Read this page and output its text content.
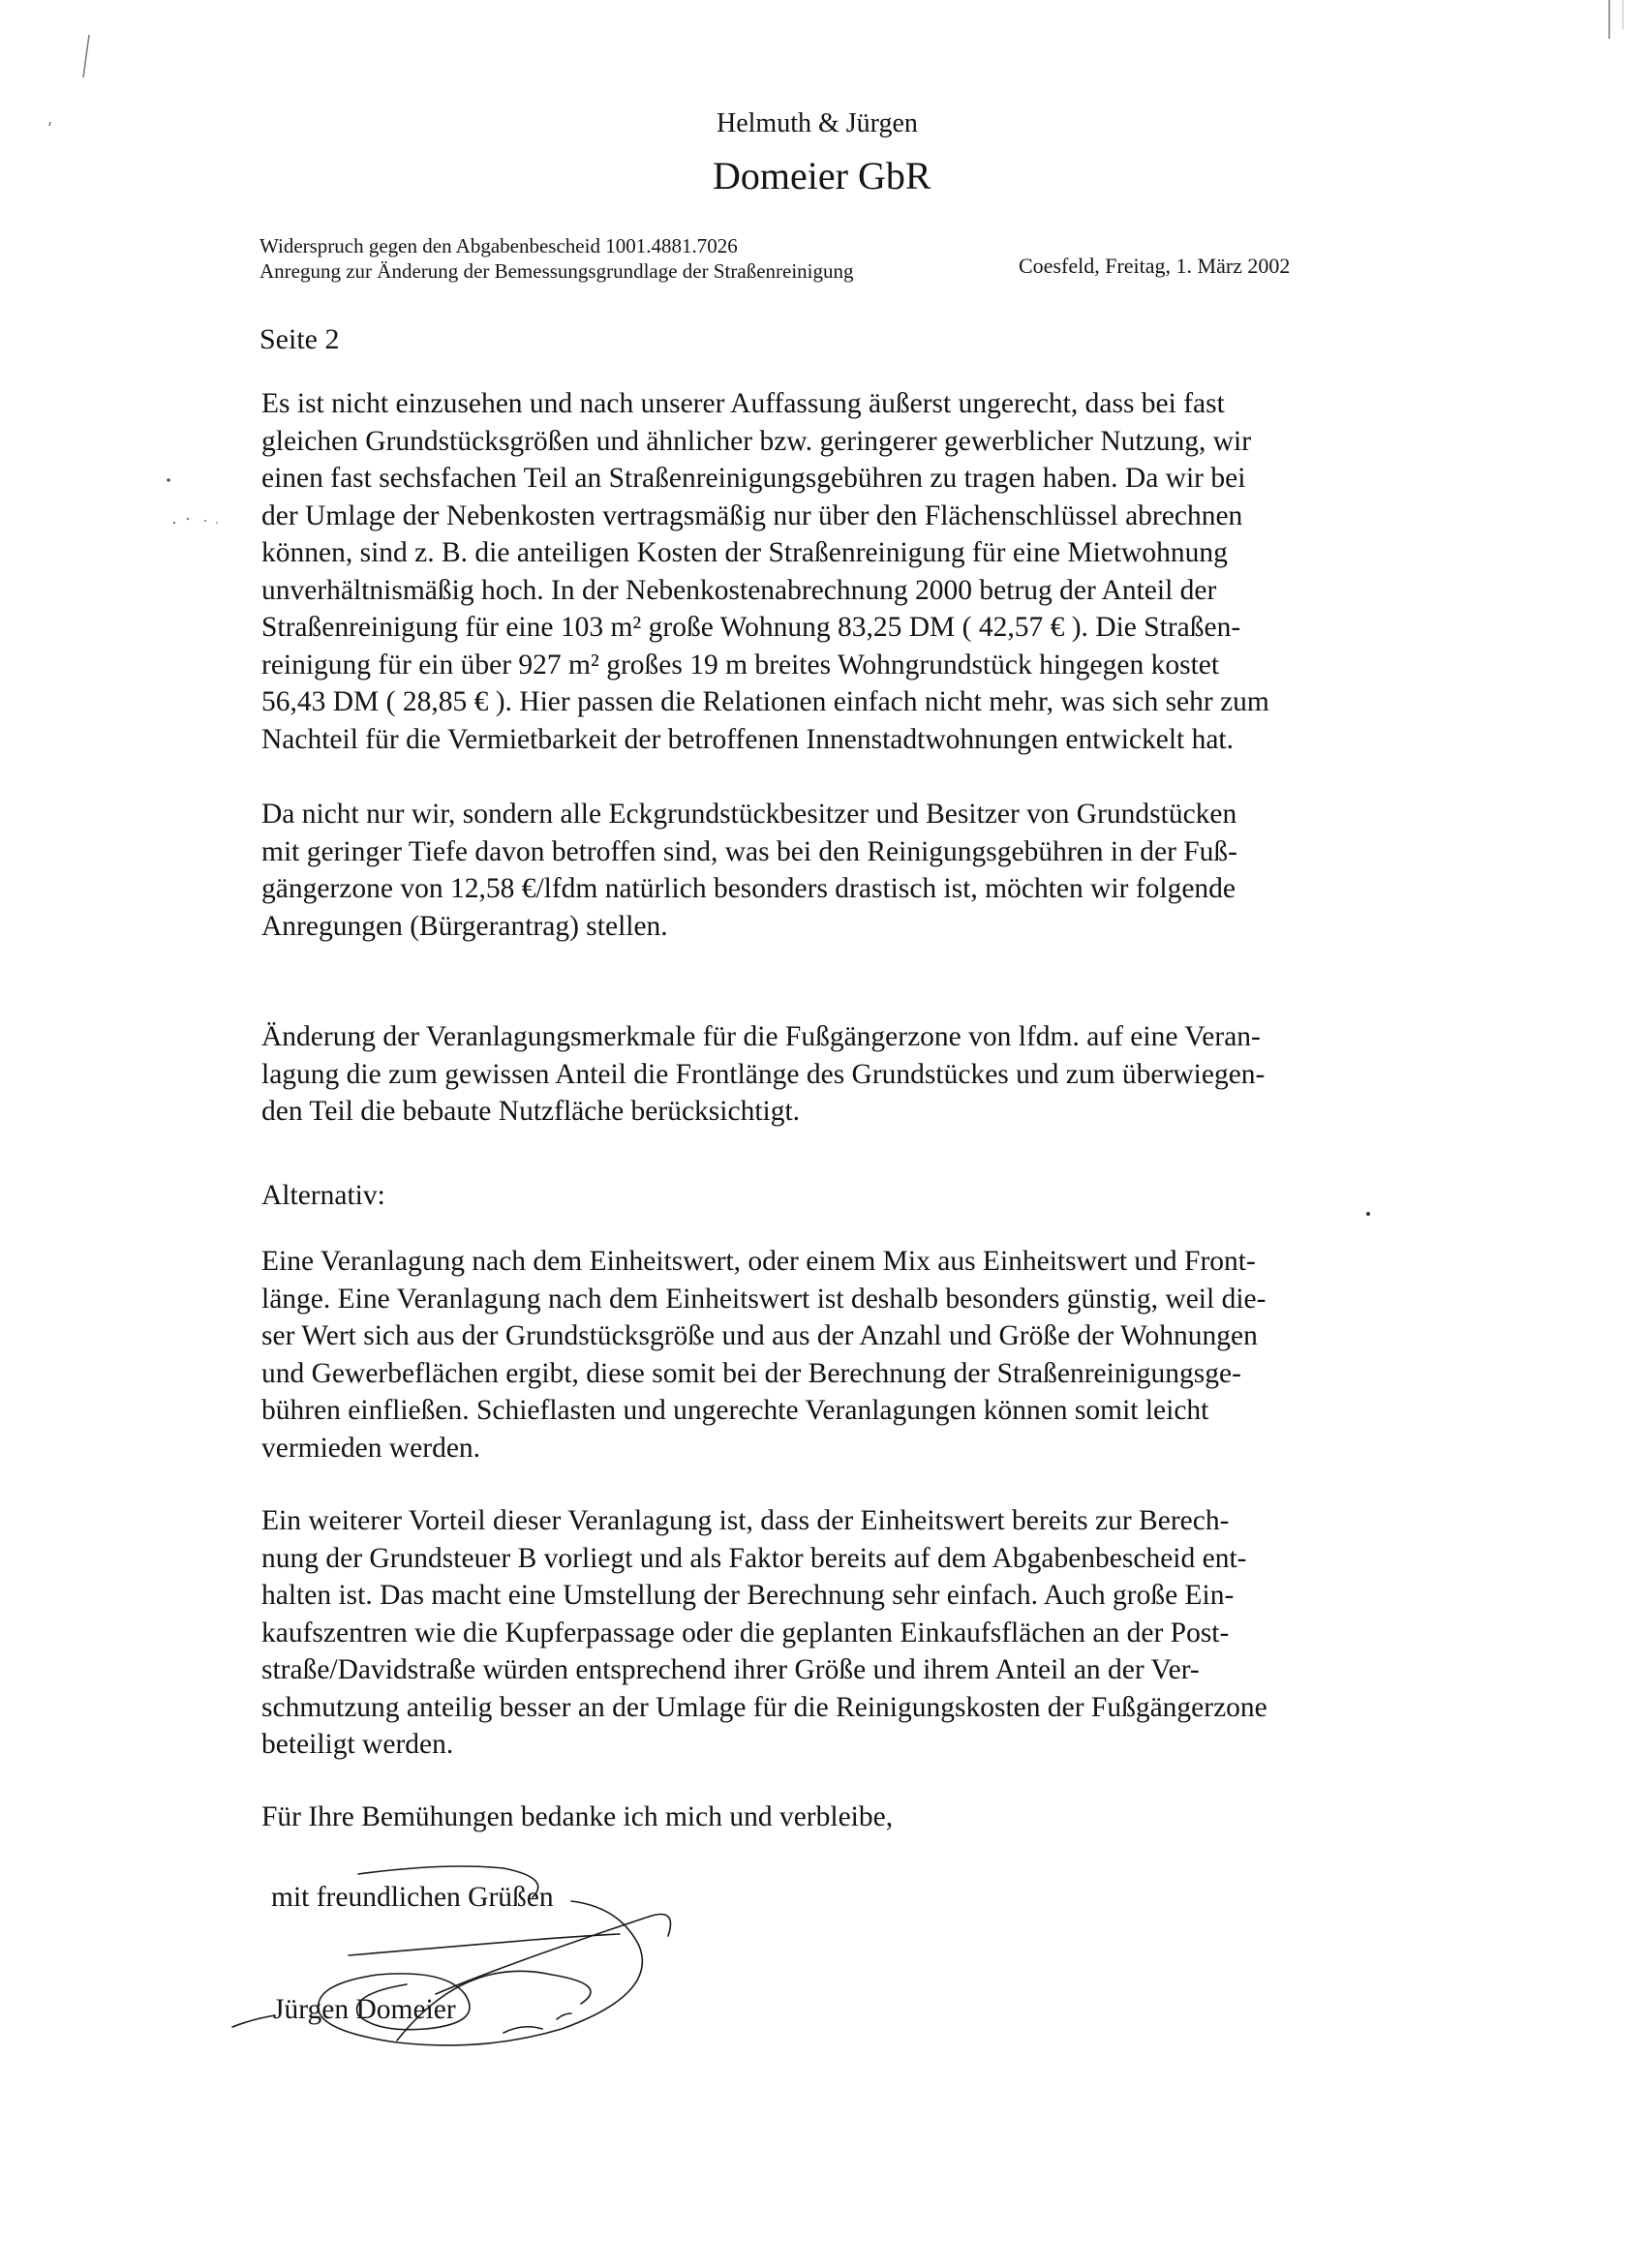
Helmuth & Jürgen
Domeier GbR
Widerspruch gegen den Abgabenbescheid 1001.4881.7026
Anregung zur Änderung der Bemessungsgrundlage der Straßenreinigung	Coesfeld, Freitag, 1. März 2002
Seite 2
Es ist nicht einzusehen und nach unserer Auffassung äußerst ungerecht, dass bei fast
gleichen Grundstücksgrößen und ähnlicher bzw. geringerer gewerblicher Nutzung, wir
einen fast sechsfachen Teil an Straßenreinigungsgebühren zu tragen haben. Da wir bei
der Umlage der Nebenkosten vertragsmäßig nur über den Flächenschlüssel abrechnen
können, sind z. B. die anteiligen Kosten der Straßenreinigung für eine Mietwohnung
unverhältnismäßig hoch. In der Nebenkostenabrechnung 2000 betrug der Anteil der
Straßenreinigung für eine 103 m² große Wohnung 83,25 DM ( 42,57 € ). Die Straßen-
reinigung für ein über 927 m² großes 19 m breites Wohngrundstück hingegen kostet
56,43 DM ( 28,85 € ). Hier passen die Relationen einfach nicht mehr, was sich sehr zum
Nachteil für die Vermietbarkeit der betroffenen Innenstadtwohnungen entwickelt hat.
Da nicht nur wir, sondern alle Eckgrundstückbesitzer und Besitzer von Grundstücken
mit geringer Tiefe davon betroffen sind, was bei den Reinigungsgebühren in der Fuß-
gängerzone von 12,58 €/lfdm natürlich besonders drastisch ist, möchten wir folgende
Anregungen (Bürgerantrag) stellen.
Änderung der Veranlagungsmerkmale für die Fußgängerzone von lfdm. auf eine Veran-
lagung die zum gewissen Anteil die Frontlänge des Grundstückes und zum überwiegen-
den Teil die bebaute Nutzfläche berücksichtigt.
Alternativ:
Eine Veranlagung nach dem Einheitswert, oder einem Mix aus Einheitswert und Front-
länge. Eine Veranlagung nach dem Einheitswert ist deshalb besonders günstig, weil die-
ser Wert sich aus der Grundstücksgröße und aus der Anzahl und Größe der Wohnungen
und Gewerbeflächen ergibt, diese somit bei der Berechnung der Straßenreinigungsge-
bühren einfließen. Schieflasten und ungerechte Veranlagungen können somit leicht
vermieden werden.
Ein weiterer Vorteil dieser Veranlagung ist, dass der Einheitswert bereits zur Berech-
nung der Grundsteuer B vorliegt und als Faktor bereits auf dem Abgabenbescheid ent-
halten ist. Das macht eine Umstellung der Berechnung sehr einfach. Auch große Ein-
kaufszentren wie die Kupferpassage oder die geplanten Einkaufsflächen an der Post-
straße/Davidstraße würden entsprechend ihrer Größe und ihrem Anteil an der Ver-
schmutzung anteilig besser an der Umlage für die Reinigungskosten der Fußgängerzone
beteiligt werden.
Für Ihre Bemühungen bedanke ich mich und verbleibe,
mit freundlichen Grüßen
Jürgen Domeier
